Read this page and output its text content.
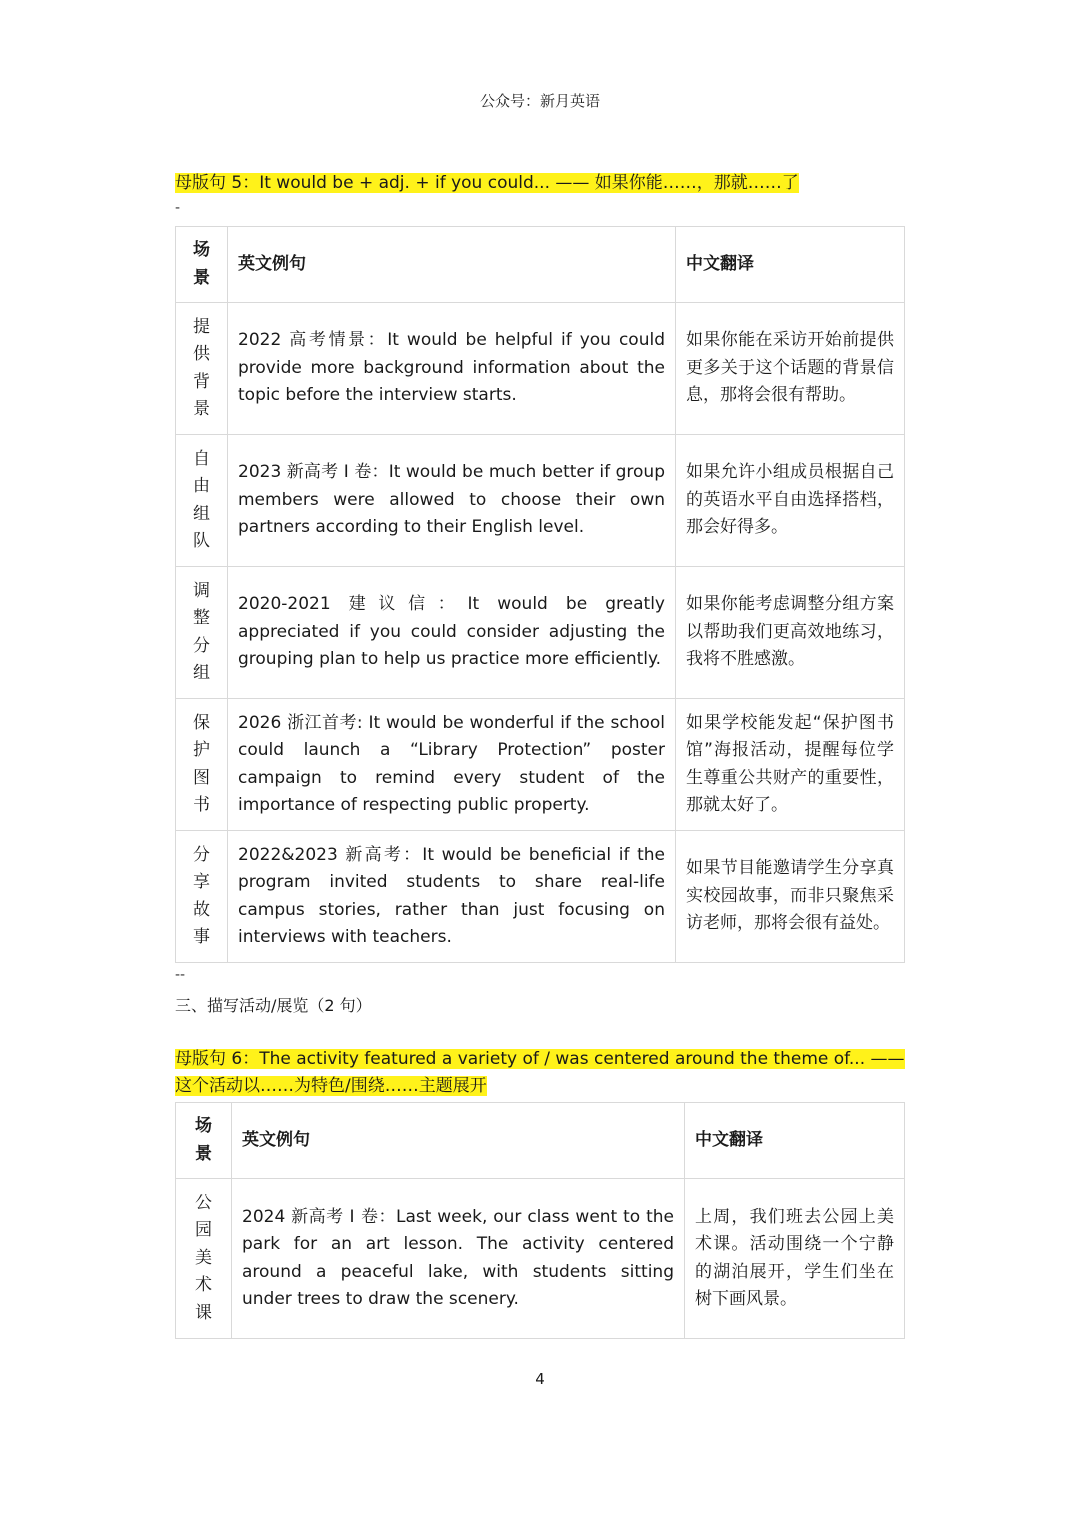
公众号：新月英语
母版句 5：It would be + adj. + if you could... —— 如果你能……，那就……了
-
场景	英文例句	中文翻译

提供背景	2022 高考情景：It would be helpful if you could provide more background information about the topic before the interview starts.	如果你能在采访开始前提供更多关于这个话题的背景信息，那将会很有帮助。

自由组队	2023 新高考 Ⅰ 卷：It would be much better if group members were allowed to choose their own partners according to their English level.	如果允许小组成员根据自己的英语水平自由选择搭档，那会好得多。

调整分组	2020-2021 建议信：It would be greatly appreciated if you could consider adjusting the grouping plan to help us practice more efficiently.	如果你能考虑调整分组方案以帮助我们更高效地练习，我将不胜感激。

保护图书	2026 浙江首考: It would be wonderful if the school could launch a “Library Protection” poster campaign to remind every student of the importance of respecting public property.	如果学校能发起“保护图书馆”海报活动，提醒每位学生尊重公共财产的重要性，那就太好了。

分享故事	2022&2023 新高考：It would be beneficial if the program invited students to share real-life campus stories, rather than just focusing on interviews with teachers.	如果节目能邀请学生分享真实校园故事，而非只聚焦采访老师，那将会很有益处。
--
三、描写活动/展览（2 句）
母版句 6：The activity featured a variety of / was centered around the theme of... ——
这个活动以……为特色/围绕……主题展开
场景	英文例句	中文翻译

公园美术课	2024 新高考 Ⅰ 卷：Last week, our class went to the park for an art lesson. The activity centered around a peaceful lake, with students sitting under trees to draw the scenery.	上周，我们班去公园上美术课。活动围绕一个宁静的湖泊展开，学生们坐在树下画风景。
4
